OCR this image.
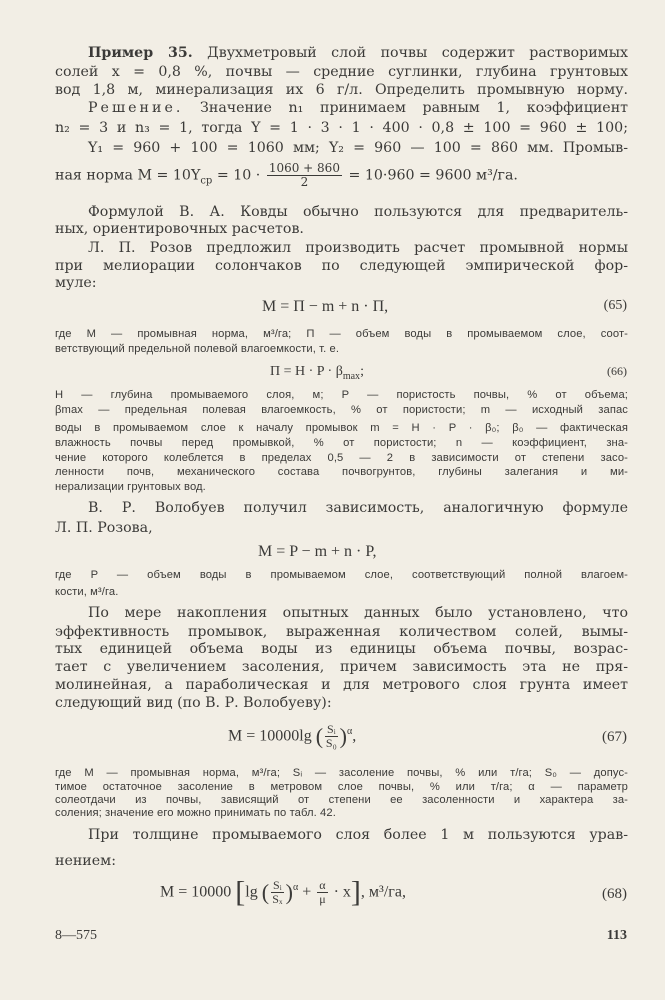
Пример 35. Двухметровый слой почвы содержит растворимых
солей x = 0,8 %, почвы — средние суглинки, глубина грунтовых
вод 1,8 м, минерализация их 6 г/л. Определить промывную норму.
Решение. Значение n₁ принимаем равным 1, коэффициент
n₂ = 3 и n₃ = 1, тогда Y = 1 · 3 · 1 · 400 · 0,8 ± 100 = 960 ± 100;
Y₁ = 960 + 100 = 1060 мм; Y₂ = 960 — 100 = 860 мм. Промыв-
ная норма $M = 10Y_{ср} = 10 \cdot \frac{1060 + 860}{2} = 10\cdot 960 = 9600$ м³/га.
Формулой В. А. Ковды обычно пользуются для предваритель-
ных, ориентировочных расчетов.
Л. П. Розов предложил производить расчет промывной нормы
при мелиорации солончаков по следующей эмпирической фор-
муле:
M = П − m + n · П,	(65)
где M — промывная норма, м³/га; П — объем воды в промываемом слое, соот-
ветствующий предельной полевой влагоемкости, т. е.
$П = H \cdot P \cdot \beta_{max}$;	(66)
H — глубина промываемого слоя, м; P — пористость почвы, % от объема;
βmax — предельная полевая влагоемкость, % от пористости; m — исходный запас
воды в промываемом слое к началу промывок m = H · P · β₀; β₀ — фактическая
влажность почвы перед промывкой, % от пористости; n — коэффициент, зна-
чение которого колеблется в пределах 0,5 — 2 в зависимости от степени засо-
ленности почв, механического состава почвогрунтов, глубины залегания и ми-
нерализации грунтовых вод.
В. Р. Волобуев получил зависимость, аналогичную формуле
Л. П. Розова,
M = P − m + n · P,
где P — объем воды в промываемом слое, соответствующий полной влагоем-
кости, м³/га.
По мере накопления опытных данных было установлено, что
эффективность промывок, выраженная количеством солей, вымы-
тых единицей объема воды из единицы объема почвы, возрас-
тает с увеличением засоления, причем зависимость эта не пря-
молинейная, а параболическая и для метрового слоя грунта имеет
следующий вид (по В. Р. Волобуеву):
M = 10000lg ( $\frac{\text{Sᵢ}}{\text{S₀}} )^\alpha$,	(67)
где M — промывная норма, м³/га; Sᵢ — засоление почвы, % или т/га; S₀ — допус-
тимое остаточное засоление в метровом слое почвы, % или т/га; α — параметр
солеотдачи из почвы, зависящий от степени ее засоленности и характера за-
соления; значение его можно принимать по табл. 42.
При толщине промываемого слоя более 1 м пользуются урав-
нением:
M = 10000 [lg ( $\frac{\text{Sᵢ}}{\text{Sₓ}} )^\alpha + \frac{\alpha}{\mu} \cdot x$], м³/га,	(68)
8—575	113
